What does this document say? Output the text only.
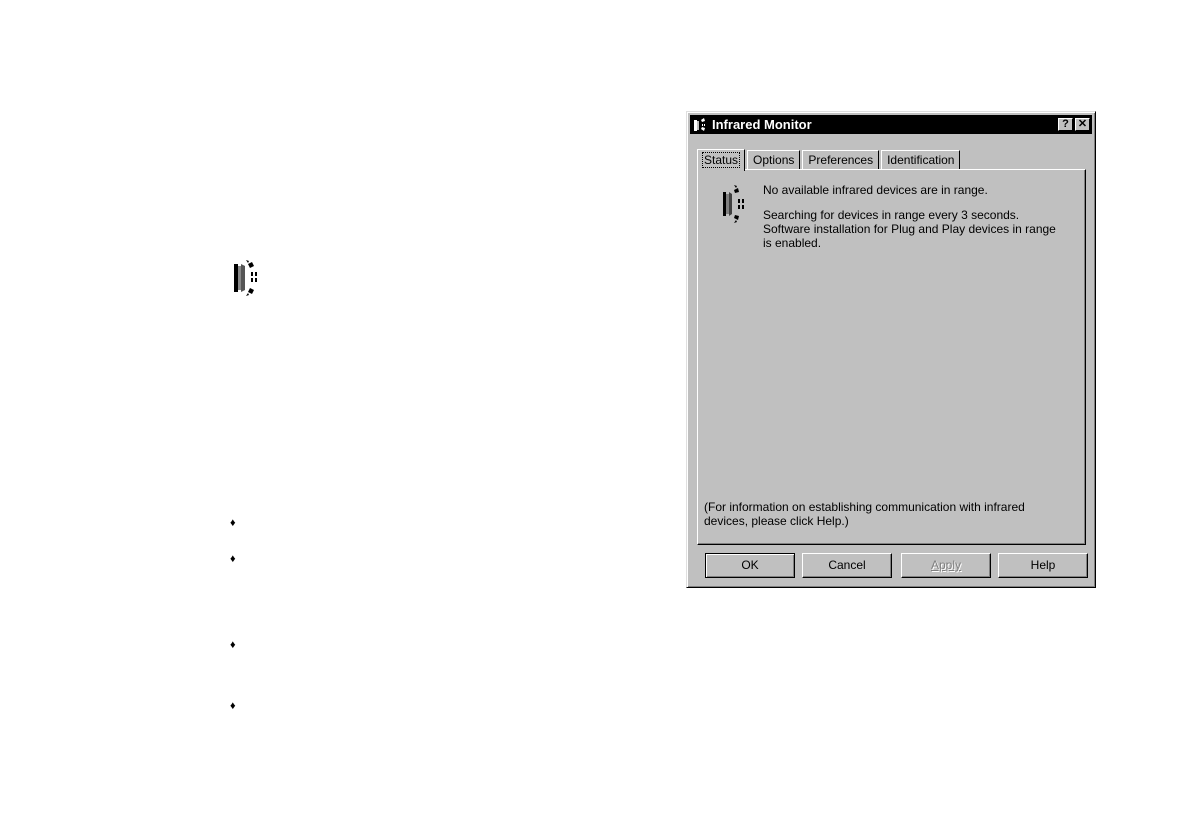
♦
♦
♦
♦
Infrared Monitor	? ✕
Status	Options	Preferences	Identification

No available infrared devices are in range.

Searching for devices in range every 3 seconds. Software installation for Plug and Play devices in range is enabled.

(For information on establishing communication with infrared devices, please click Help.)
OK	Cancel	Apply	Help
